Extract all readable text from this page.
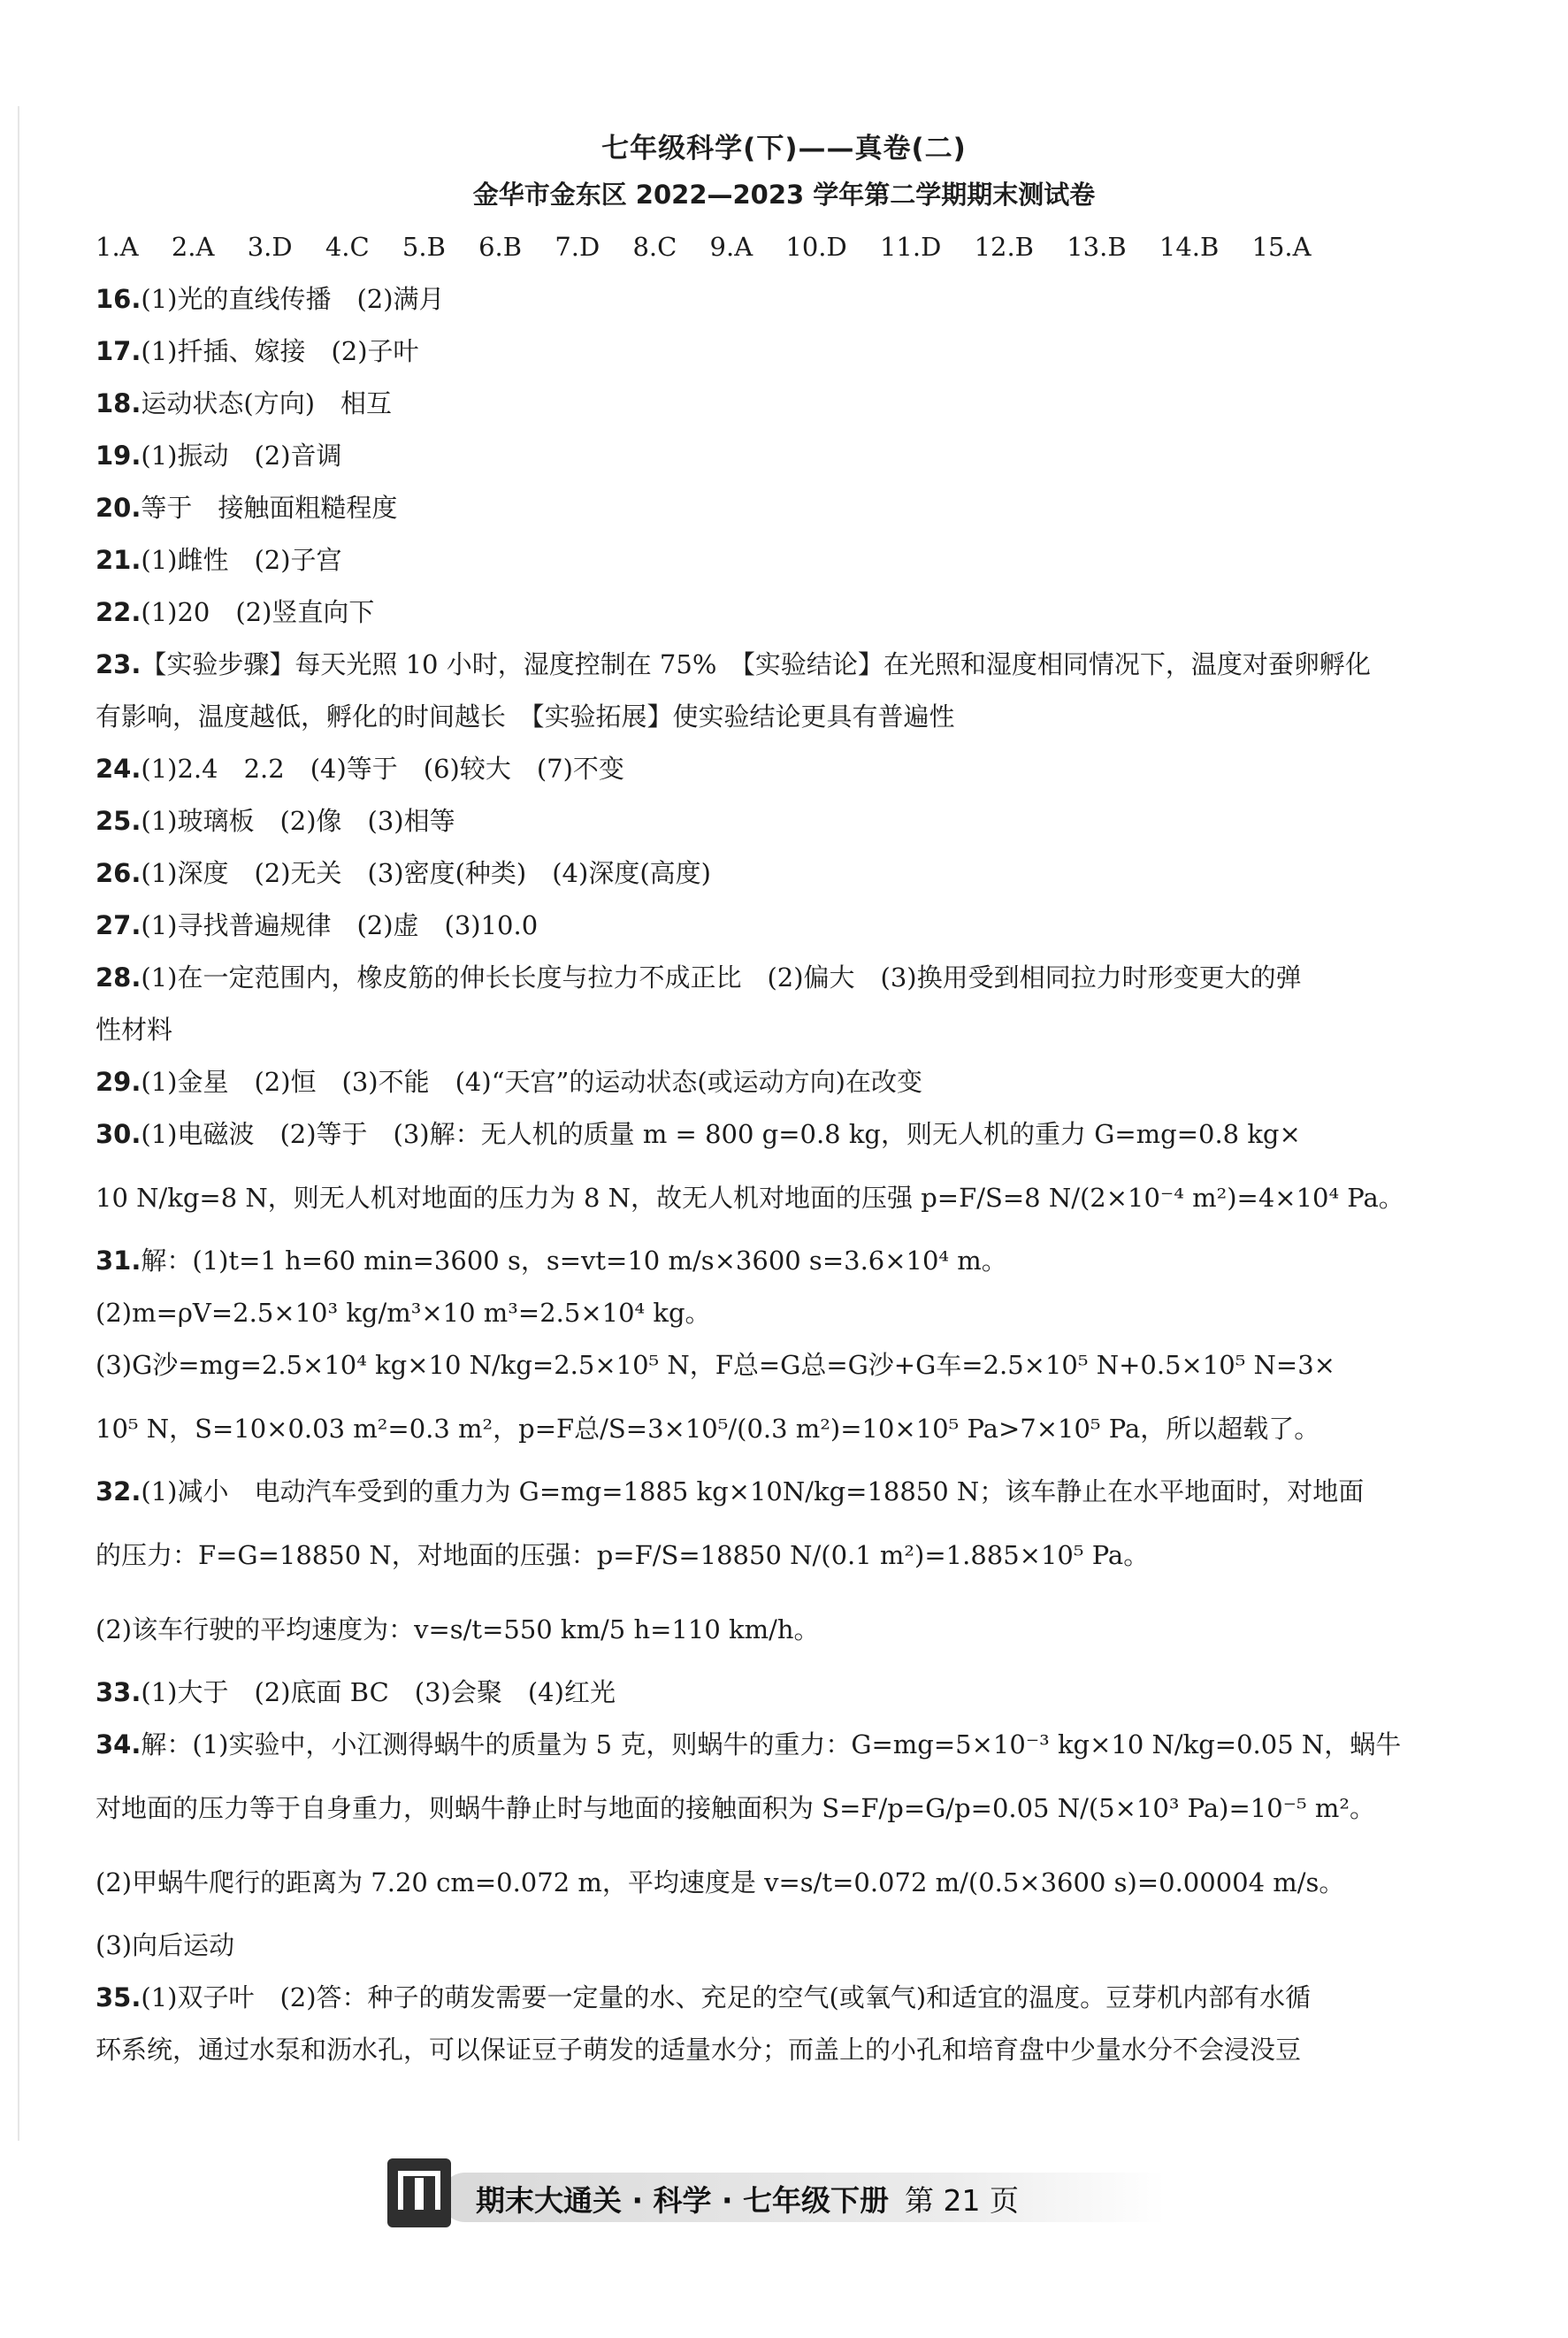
七年级科学(下)——真卷(二)
金华市金东区 2022—2023 学年第二学期期末测试卷
1.A 2.A 3.D 4.C 5.B 6.B 7.D 8.C 9.A 10.D 11.D 12.B 13.B 14.B 15.A
16.(1)光的直线传播　(2)满月
17.(1)扦插、嫁接　(2)子叶
18.运动状态(方向)　相互
19.(1)振动　(2)音调
20.等于　接触面粗糙程度
21.(1)雌性　(2)子宫
22.(1)20　(2)竖直向下
23.【实验步骤】每天光照 10 小时，湿度控制在 75%　【实验结论】在光照和湿度相同情况下，温度对蚕卵孵化
有影响，温度越低，孵化的时间越长　【实验拓展】使实验结论更具有普遍性
24.(1)2.4　2.2　(4)等于　(6)较大　(7)不变
25.(1)玻璃板　(2)像　(3)相等
26.(1)深度　(2)无关　(3)密度(种类)　(4)深度(高度)
27.(1)寻找普遍规律　(2)虚　(3)10.0
28.(1)在一定范围内，橡皮筋的伸长长度与拉力不成正比　(2)偏大　(3)换用受到相同拉力时形变更大的弹
性材料
29.(1)金星　(2)恒　(3)不能　(4)“天宫”的运动状态(或运动方向)在改变
30.(1)电磁波　(2)等于　(3)解：无人机的质量 m = 800 g=0.8 kg，则无人机的重力 G=mg=0.8 kg×
10 N/kg=8 N，则无人机对地面的压力为 8 N，故无人机对地面的压强 p=F/S=8 N/(2×10⁻⁴ m²)=4×10⁴ Pa。
31.解：(1)t=1 h=60 min=3600 s，s=vt=10 m/s×3600 s=3.6×10⁴ m。
(2)m=ρV=2.5×10³ kg/m³×10 m³=2.5×10⁴ kg。
(3)G沙=mg=2.5×10⁴ kg×10 N/kg=2.5×10⁵ N，F总=G总=G沙+G车=2.5×10⁵ N+0.5×10⁵ N=3×
10⁵ N，S=10×0.03 m²=0.3 m²，p=F总/S=3×10⁵/(0.3 m²)=10×10⁵ Pa>7×10⁵ Pa，所以超载了。
32.(1)减小　电动汽车受到的重力为 G=mg=1885 kg×10N/kg=18850 N；该车静止在水平地面时，对地面
的压力：F=G=18850 N，对地面的压强：p=F/S=18850 N/(0.1 m²)=1.885×10⁵ Pa。
(2)该车行驶的平均速度为：v=s/t=550 km/5 h=110 km/h。
33.(1)大于　(2)底面 BC　(3)会聚　(4)红光
34.解：(1)实验中，小江测得蜗牛的质量为 5 克，则蜗牛的重力：G=mg=5×10⁻³ kg×10 N/kg=0.05 N，蜗牛
对地面的压力等于自身重力，则蜗牛静止时与地面的接触面积为 S=F/p=G/p=0.05 N/(5×10³ Pa)=10⁻⁵ m²。
(2)甲蜗牛爬行的距离为 7.20 cm=0.072 m，平均速度是 v=s/t=0.072 m/(0.5×3600 s)=0.00004 m/s。
(3)向后运动
35.(1)双子叶　(2)答：种子的萌发需要一定量的水、充足的空气(或氧气)和适宜的温度。豆芽机内部有水循
环系统，通过水泵和沥水孔，可以保证豆子萌发的适量水分；而盖上的小孔和培育盘中少量水分不会浸没豆
期末大通关 · 科学 · 七年级下册 第 21 页
